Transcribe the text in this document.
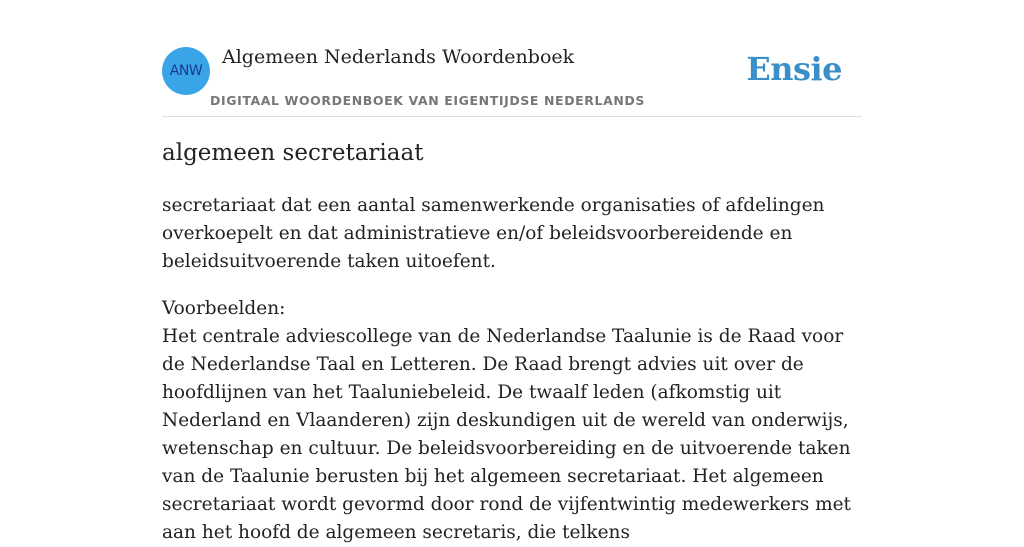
ANW
Algemeen Nederlands Woordenboek
DIGITAAL WOORDENBOEK VAN EIGENTIJDSE NEDERLANDS
Ensie
algemeen secretariaat

secretariaat dat een aantal samenwerkende organisaties of afdelingen overkoepelt en dat administratieve en/of beleidsvoorbereidende en beleidsuitvoerende taken uitoefent.

Voorbeelden:
Het centrale adviescollege van de Nederlandse Taalunie is de Raad voor de Nederlandse Taal en Letteren. De Raad brengt advies uit over de hoofdlijnen van het Taaluniebeleid. De twaalf leden (afkomstig uit Nederland en Vlaanderen) zijn deskundigen uit de wereld van onderwijs, wetenschap en cultuur. De beleidsvoorbereiding en de uitvoerende taken van de Taalunie berusten bij het algemeen secretariaat. Het algemeen secretariaat wordt gevormd door rond de vijfentwintig medewerkers met aan het hoofd de algemeen secretaris, die telkens
